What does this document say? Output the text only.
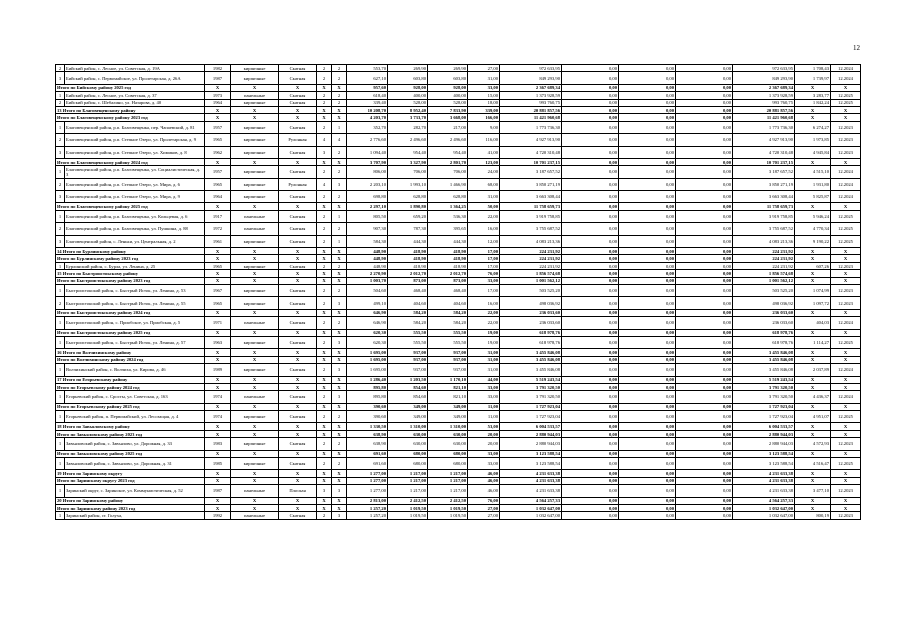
12
2	Бийский район, с. Лесное, ул. Советская, д. 19А	1982	кирпичные	Скатная	2	2	553,70	269,90	269,90	27,00	972 633,95	0,00	0,00	0,00	972 633,95	1 708,43	12.2024
3	Бийский район, с. Первомайское, ул. Пролетарская, д. 26А	1987	кирпичные	Скатная	2	2	627,10	603,80	603,80	31,00	849 293,90	0,00	0,00	0,00	849 293,90	1 739,97	12.2024
Итого по Бийскому району 2025 год		X	X	X	X	X	957,60	928,00	928,00	33,00	2 367 689,34	0,00	0,00	0,00	2 367 689,34	X	X
1	Бийский район, с. Лесное, ул. Советская, д. 37	1973	панельные	Скатная	2	2	618,40	400,00	400,00	15,00	1 373 928,59	0,00	0,00	0,00	1 373 928,59	3 283,77	12.2025
2	Бийский район, с. Шебалино, ул. Назарова, д. 40	1964	кирпичные	Скатная	2	2	339,40	528,00	528,00	18,00	993 760,75	0,00	0,00	0,00	993 760,75	1 842,24	12.2025
13 Итого по Благовещенскому району		X	X	X	X	X	10 208,70	8 952,40	7 833,90	339,00	20 881 857,56	0,00	0,00	0,00	20 881 857,56	X	X
Итого по Благовещенскому району 2023 год		X	X	X	X	X	4 203,70	3 733,70	3 668,00	166,00	11 421 960,68	0,00	0,00	0,00	11 421 960,68	X	X
1	Благовещенский район, р.п. Благовещенка, пер. Чапаевский, д. 81	1957	кирпичные	Скатная	2	1	352,70	282,70	217,00	9,00	1 773 736,30	0,00	0,00	0,00	1 773 736,30	6 274,27	12.2023
2	Благовещенский район, р.п. Степное Озеро, ул. Пролетарская, д. 9	1965	кирпичные	Рулонная	4	4	2 776,60	2 496,60	2 496,60	116,00	4 927 913,90	0,00	0,00	0,00	4 927 913,90	1 973,85	12.2023
3	Благовещенский район, р.п. Степное Озеро, ул. Химиков, д. 8	1962	кирпичные	Скатная	3	2	1 094,40	954,40	954,40	41,00	4 720 310,48	0,00	0,00	0,00	4 720 310,48	4 945,84	12.2023
Итого по Благовещенскому району 2024 год		X	X	X	X	X	3 707,90	3 327,90	2 801,70	123,00	10 701 237,15	0,00	0,00	0,00	10 701 237,15	X	X
1	Благовещенский район, р.п. Благовещенка, ул. Социалистическая, д. 3	1957	кирпичные	Скатная	2	2	806,00	706,00	706,00	24,00	3 187 657,52	0,00	0,00	0,00	3 187 657,52	4 515,10	12.2024
2	Благовещенский район, р.п. Степное Озеро, ул. Мира, д. 6	1965	кирпичные	Рулонная	4	3	2 203,10	1 993,10	1 466,90	68,00	3 850 271,19	0,00	0,00	0,00	3 850 271,19	1 931,80	12.2024
3	Благовещенский район, р.п. Степное Озеро, ул. Мира, д. 9	1964	кирпичные	Скатная	2	2	698,80	628,80	628,80	31,00	3 663 308,44	0,00	0,00	0,00	3 663 308,44	5 825,87	12.2024
Итого по Благовещенскому району 2025 год		X	X	X	X	X	2 297,10	1 890,80	1 364,25	50,00	11 758 659,73	0,00	0,00	0,00	11 758 659,73	X	X
1	Благовещенский район, р.п. Благовещенка, ул. Кольцевая, д. 6	1917	панельные	Скатная	2	1	805,50	659,20	536,30	22,00	3 919 758,85	0,00	0,00	0,00	3 919 758,85	5 946,24	12.2025
2	Благовещенский район, р.п. Благовещенка, ул. Пушкина, д. 88	1972	панельные	Скатная	2	2	907,30	787,30	395,65	16,00	3 755 687,52	0,00	0,00	0,00	3 755 687,52	4 770,34	12.2025
3	Благовещенский район, с. Леньки, ул. Центральная, д. 2	1961	кирпичные	Скатная	2	1	584,30	444,30	444,30	12,00	4 083 213,36	0,00	0,00	0,00	4 083 213,36	9 190,22	12.2025
14 Итого по Бурлинскому району		X	X	X	X	X	448,90	418,90	418,90	17,00	224 231,92	0,00	0,00	0,00	224 231,92	X	X
Итого по Бурлинскому району 2023 год		X	X	X	X	X	448,90	418,90	418,90	17,00	224 231,92	0,00	0,00	0,00	224 231,92	X	X
1	Бурлинский район, с. Бурла, ул. Ленина, д. 25	1965	кирпичные	Скатная	2	2	448,90	418,90	418,90	17,00	224 231,92	0,00	0,00	0,00	224 231,92	607,26	12.2023
15 Итого по Быстроистокскому району		X	X	X	X	X	2 270,90	2 012,70	2 012,70	76,00	1 856 574,68	0,00	0,00	0,00	1 856 574,68	X	X
Итого по Быстроистокскому району 2023 год		X	X	X	X	X	1 003,70	873,00	873,00	33,00	1 001 562,12	0,00	0,00	0,00	1 001 562,12	X	X
1	Быстроистокский район, с. Быстрый Исток, ул. Ленина, д. 53	1967	кирпичные	Скатная	2	2	504,60	468,40	468,40	17,00	503 525,20	0,00	0,00	0,00	503 525,20	1 074,99	12.2023
2	Быстроистокский район, с. Быстрый Исток, ул. Ленина, д. 55	1965	кирпичные	Скатная	2	3	499,10	404,60	404,60	16,00	498 036,92	0,00	0,00	0,00	498 036,92	1 097,72	12.2023
Итого по Быстроистокскому району 2024 год		X	X	X	X	X	646,90	584,20	584,20	22,00	236 033,60	0,00	0,00	0,00	236 033,60	X	X
1	Быстроистокский район, с. Приобское, ул. Приобская, д. 5	1971	панельные	Скатная	2	2	646,90	584,20	584,20	22,00	236 033,60	0,00	0,00	0,00	236 033,60	404,03	12.2024
Итого по Быстроистокскому району 2025 год		X	X	X	X	X	620,30	555,50	555,50	19,00	618 978,76	0,00	0,00	0,00	618 978,76	X	X
1	Быстроистокский район, с. Быстрый Исток, ул. Ленина, д. 57	1963	кирпичные	Скатная	2	3	620,30	555,50	555,50	19,00	618 978,76	0,00	0,00	0,00	618 978,76	1 114,27	12.2025
16 Итого по Волчихинскому району		X	X	X	X	X	1 695,00	937,00	937,00	31,00	3 455 846,08	0,00	0,00	0,00	3 455 846,08	X	X
Итого по Волчихинскому району 2024 год		X	X	X	X	X	1 695,00	937,00	937,00	31,00	3 455 846,08	0,00	0,00	0,00	3 455 846,08	X	X
1	Волчихинский район, с. Волчиха, ул. Кирова, д. 46	1989	кирпичные	Скатная	2	3	1 695,00	937,00	937,00	31,00	3 455 846,08	0,00	0,00	0,00	3 455 846,08	2 037,89	12.2024
17 Итого по Егорьевскому району		X	X	X	X	X	1 286,40	1 203,50	1 170,10	44,00	5 519 243,54	0,00	0,00	0,00	5 519 243,54	X	X
Итого по Егорьевскому району 2024 год		X	X	X	X	X	895,80	854,60	821,10	33,00	3 791 320,50	0,00	0,00	0,00	3 791 320,50	X	X
1	Егорьевский район, с. Сросты, ул. Советская, д. 163	1974	панельные	Скатная	2	3	895,80	854,60	821,10	33,00	3 791 320,50	0,00	0,00	0,00	3 791 320,50	4 436,37	12.2024
Итого по Егорьевскому району 2025 год		X	X	X	X	X	390,60	349,00	349,00	11,00	1 727 923,04	0,00	0,00	0,00	1 727 923,04	X	X
1	Егорьевский район, п. Первомайский, ул. Лесозащая, д. 4	1974	кирпичные	Скатная	2	2	390,60	349,00	349,00	11,00	1 727 923,04	0,00	0,00	0,00	1 727 923,04	4 951,07	12.2025
18 Итого по Завьяловскому району		X	X	X	X	X	1 330,50	1 310,00	1 310,00	53,00	6 004 533,57	0,00	0,00	0,00	6 004 533,57	X	X
Итого по Завьяловскому району 2023 год		X	X	X	X	X	638,90	630,00	630,00	20,00	2 880 944,03	0,00	0,00	0,00	2 880 944,03	X	X
1	Завьяловский район, с. Завьялово, ул. Дорожная, д. 33	1983	кирпичные	Скатная	2	2	638,90	630,00	630,00	20,00	2 880 944,03	0,00	0,00	0,00	2 880 944,03	4 572,93	12.2023
Итого по Завьяловскому району 2025 год		X	X	X	X	X	691,60	680,00	680,00	33,00	3 123 588,54	0,00	0,00	0,00	3 123 588,54	X	X
1	Завьяловский район, с. Завьялово, ул. Дорожная, д. 31	1985	кирпичные	Скатная	2	2	691,60	680,00	680,00	33,00	3 123 588,54	0,00	0,00	0,00	3 123 588,54	4 516,47	12.2025
19 Итого по Заринскому округу		X	X	X	X	X	1 277,00	1 217,00	1 217,00	46,00	4 231 633,38	0,00	0,00	0,00	4 231 633,38	X	X
Итого по Заринскому округу 2023 год		X	X	X	X	X	1 277,00	1 217,00	1 217,00	46,00	4 231 633,38	0,00	0,00	0,00	4 231 633,38	X	X
1	Заринский округ, с. Заринское, ул. Коммунистическая, д. 52	1987	панельные	Плоская	3	3	1 277,00	1 217,00	1 217,00	46,00	4 231 633,38	0,00	0,00	0,00	4 231 633,38	3 477,10	12.2023
20 Итого по Заринскому району		X	X	X	X	X	2 813,00	2 412,50	2 412,50	76,00	4 564 257,33	0,00	0,00	0,00	4 564 257,33	X	X
Итого по Заринскому району 2023 год		X	X	X	X	X	1 257,20	1 019,50	1 019,50	27,00	1 032 647,00	0,00	0,00	0,00	1 032 647,00	X	X
1	Заринский район, ст. Голуха,	1992	панельные	Скатная	2	3	1 257,20	1 019,50	1 019,50	27,00	1 032 647,00	0,00	0,00	0,00	1 032 647,00	800,19	12.2023
